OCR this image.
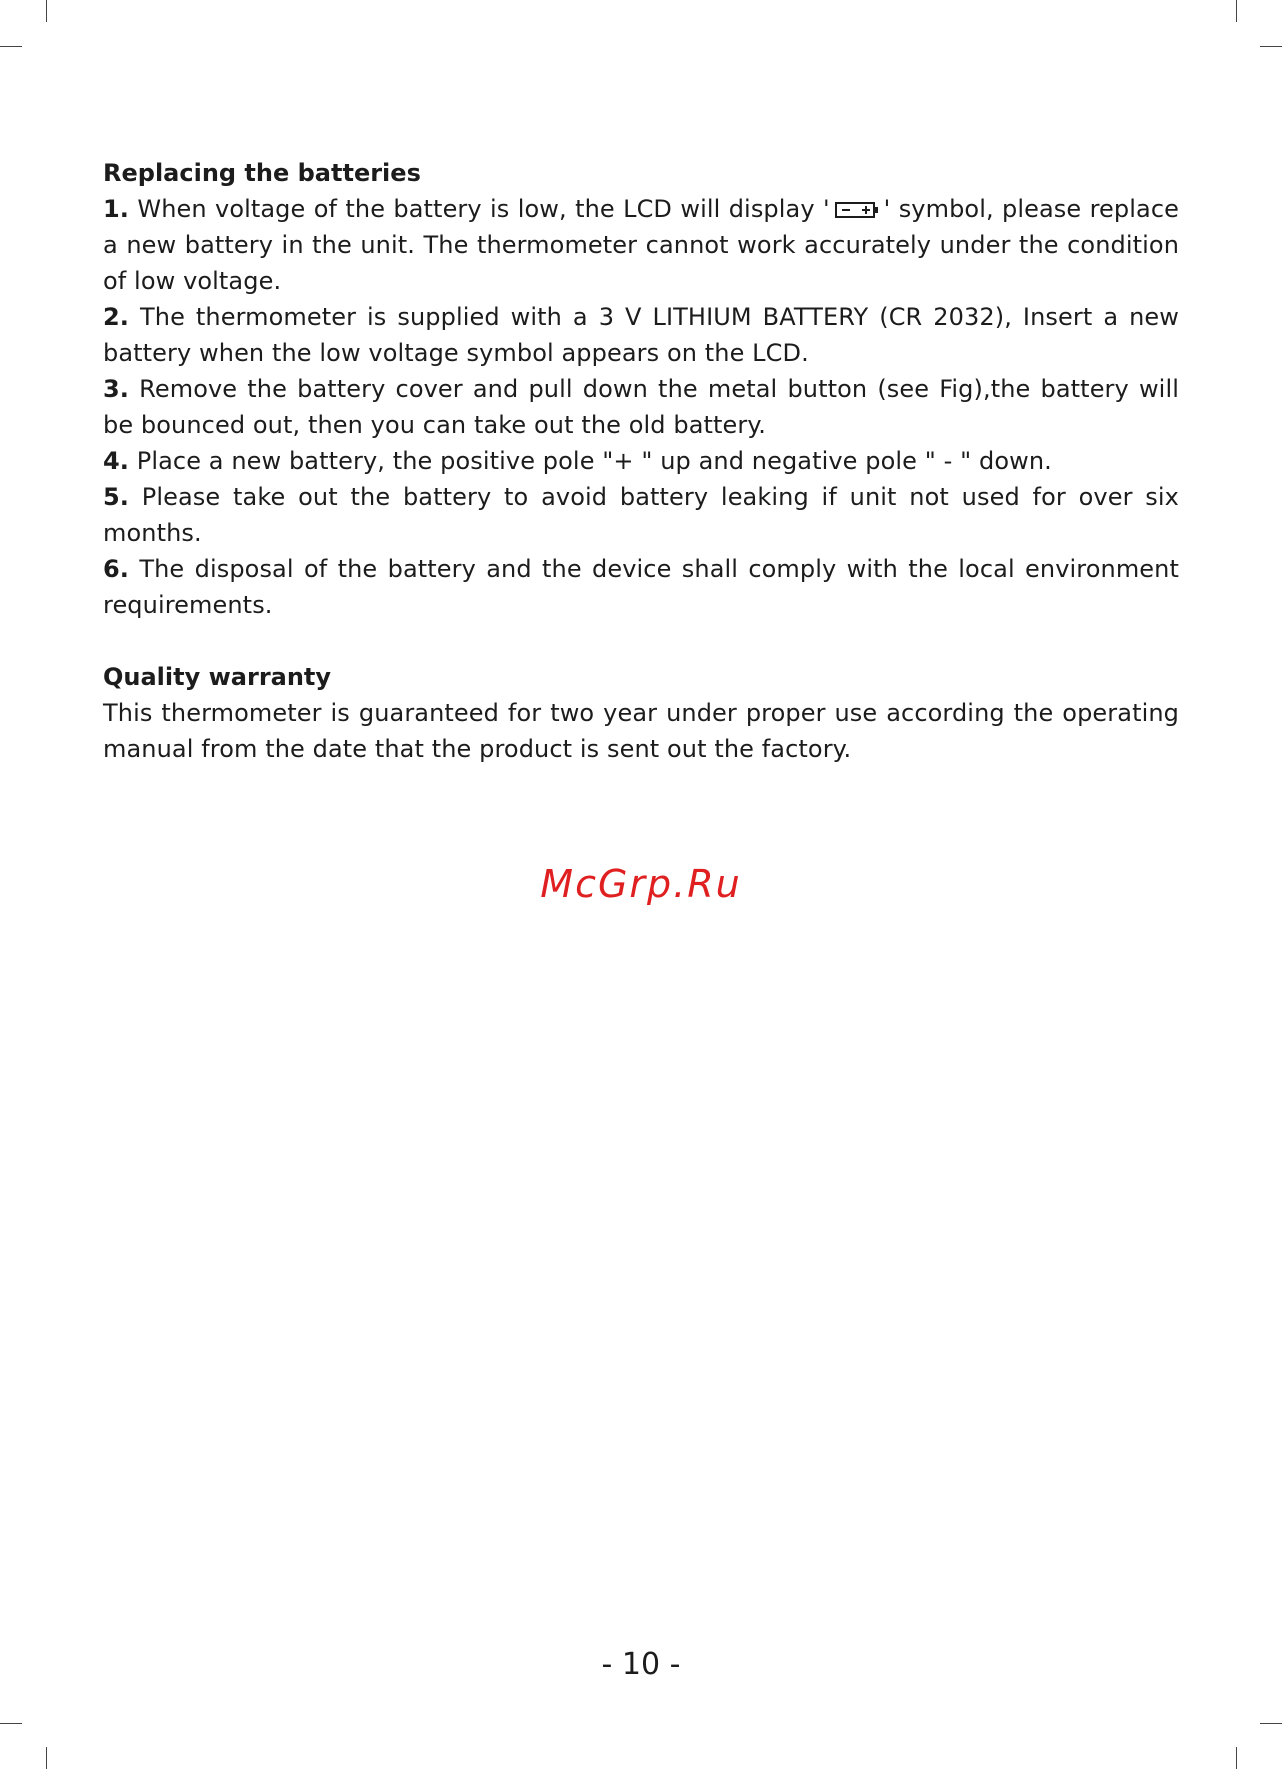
Replacing the batteries

1. When voltage of the battery is low, the LCD will display ' ' symbol, please replace a new battery in the unit. The thermometer cannot work accurately under the condition of low voltage.

2. The thermometer is supplied with a 3 V LITHIUM BATTERY (CR 2032), Insert a new battery when the low voltage symbol appears on the LCD.

3. Remove the battery cover and pull down the metal button (see Fig),the battery will be bounced out, then you can take out the old battery.

4. Place a new battery, the positive pole "+ " up and negative pole " - " down.

5. Please take out the battery to avoid battery leaking if unit not used for over six months.

6. The disposal of the battery and the device shall comply with the local environment requirements.

Quality warranty

This thermometer is guaranteed for two year under proper use according the operating manual from the date that the product is sent out the factory.

McGrp.Ru
- 10 -
